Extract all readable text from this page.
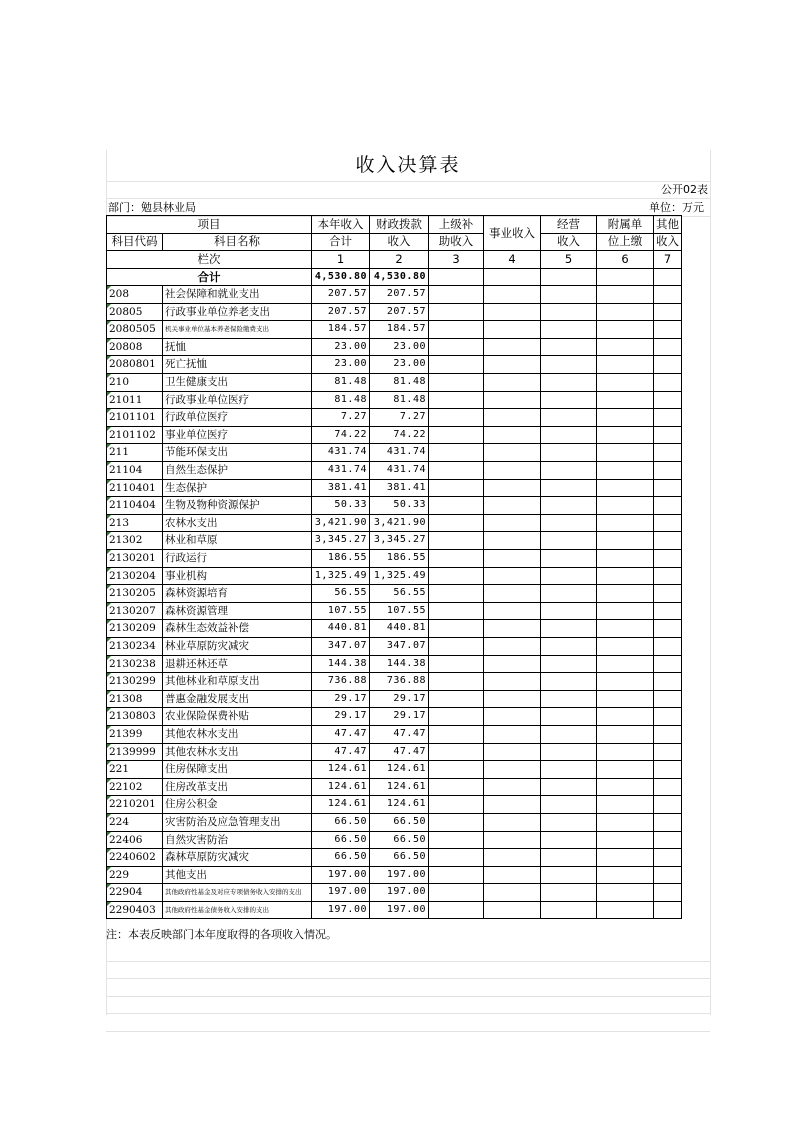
收入决算表
公开02表
部门：勉县林业局	单位：万元
项目		本年收入	财政拨款	上级补	事业收入	经营	附属单	其他
科目代码	科目名称	合计	收入	助收入		收入	位上缴	收入
栏次		1	2	3	4	5	6	7
合计		4,530.80	4,530.80					
208	社会保障和就业支出	207.57	207.57					
20805	行政事业单位养老支出	207.57	207.57					
2080505	机关事业单位基本养老保险缴费支出	184.57	184.57					
20808	抚恤	23.00	23.00					
2080801	死亡抚恤	23.00	23.00					
210	卫生健康支出	81.48	81.48					
21011	行政事业单位医疗	81.48	81.48					
2101101	行政单位医疗	7.27	7.27					
2101102	事业单位医疗	74.22	74.22					
211	节能环保支出	431.74	431.74					
21104	自然生态保护	431.74	431.74					
2110401	生态保护	381.41	381.41					
2110404	生物及物种资源保护	50.33	50.33					
213	农林水支出	3,421.90	3,421.90					
21302	林业和草原	3,345.27	3,345.27					
2130201	行政运行	186.55	186.55					
2130204	事业机构	1,325.49	1,325.49					
2130205	森林资源培育	56.55	56.55					
2130207	森林资源管理	107.55	107.55					
2130209	森林生态效益补偿	440.81	440.81					
2130234	林业草原防灾减灾	347.07	347.07					
2130238	退耕还林还草	144.38	144.38					
2130299	其他林业和草原支出	736.88	736.88					
21308	普惠金融发展支出	29.17	29.17					
2130803	农业保险保费补贴	29.17	29.17					
21399	其他农林水支出	47.47	47.47					
2139999	其他农林水支出	47.47	47.47					
221	住房保障支出	124.61	124.61					
22102	住房改革支出	124.61	124.61					
2210201	住房公积金	124.61	124.61					
224	灾害防治及应急管理支出	66.50	66.50					
22406	自然灾害防治	66.50	66.50					
2240602	森林草原防灾减灾	66.50	66.50					
229	其他支出	197.00	197.00					
22904	其他政府性基金及对应专项债务收入安排的支出	197.00	197.00					
2290403	其他政府性基金债务收入安排的支出	197.00	197.00					
注：本表反映部门本年度取得的各项收入情况。
